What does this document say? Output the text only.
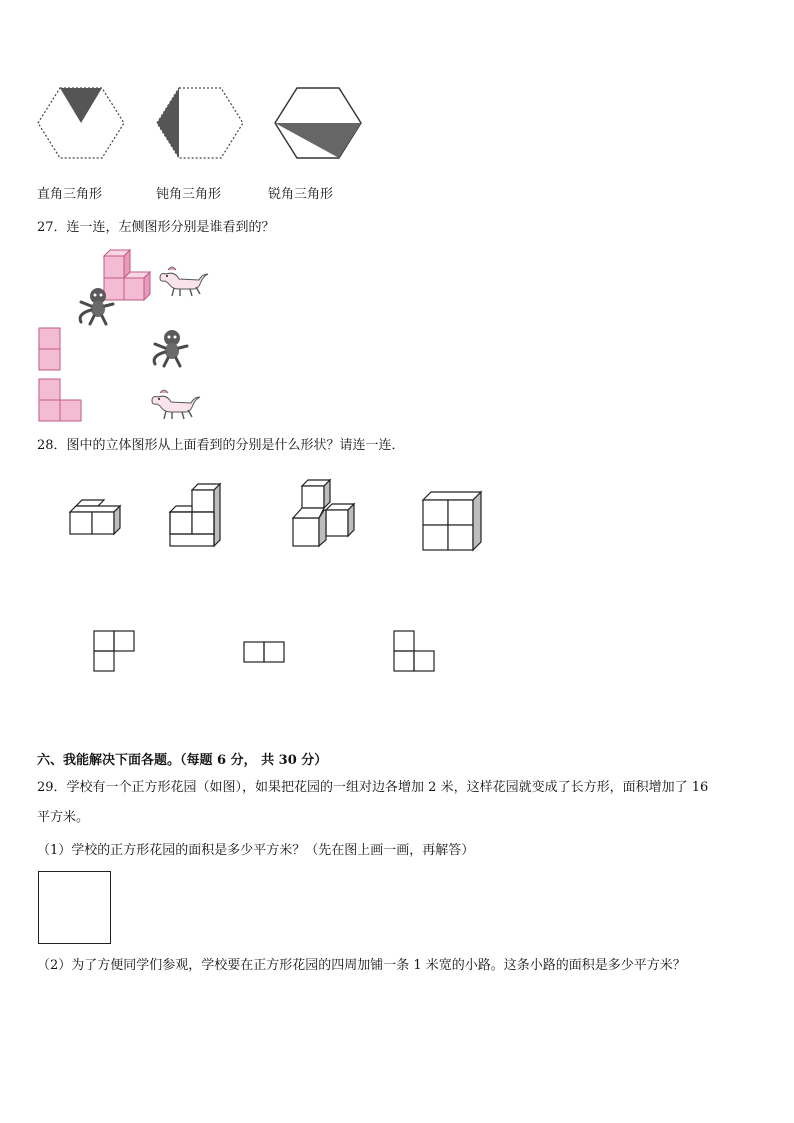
直角三角形	钝角三角形	锐角三角形
27．连一连，左侧图形分别是谁看到的？
28．图中的立体图形从上面看到的分别是什么形状？请连一连．
六、我能解决下面各题。（每题 6 分， 共 30 分）
29．学校有一个正方形花园（如图），如果把花园的一组对边各增加 2 米，这样花园就变成了长方形，面积增加了 16
平方米。
（1）学校的正方形花园的面积是多少平方米？（先在图上画一画，再解答）
（2）为了方便同学们参观，学校要在正方形花园的四周加铺一条 1 米宽的小路。这条小路的面积是多少平方米？
